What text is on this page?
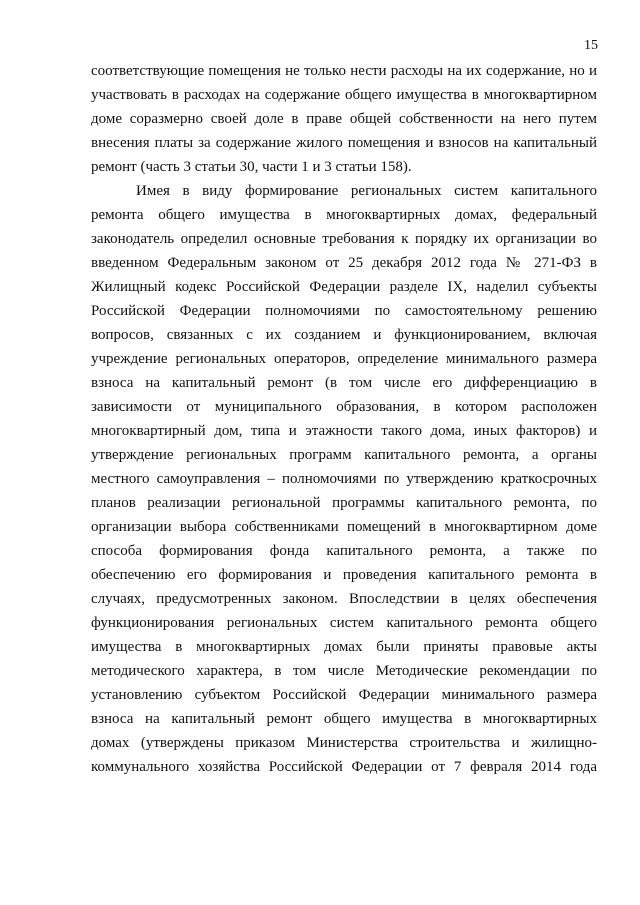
15
соответствующие помещения не только нести расходы на их содержание, но и
участвовать в расходах на содержание общего имущества в многоквартирном
доме соразмерно своей доле в праве общей собственности на него путем
внесения платы за содержание жилого помещения и взносов на капитальный
ремонт (часть 3 статьи 30, части 1 и 3 статьи 158).
Имея в виду формирование региональных систем капитального
ремонта общего имущества в многоквартирных домах, федеральный
законодатель определил основные требования к порядку их организации во
введенном Федеральным законом от 25 декабря 2012 года № 271-ФЗ в
Жилищный кодекс Российской Федерации разделе IX, наделил субъекты
Российской Федерации полномочиями по самостоятельному решению
вопросов, связанных с их созданием и функционированием, включая
учреждение региональных операторов, определение минимального размера
взноса на капитальный ремонт (в том числе его дифференциацию в
зависимости от муниципального образования, в котором расположен
многоквартирный дом, типа и этажности такого дома, иных факторов) и
утверждение региональных программ капитального ремонта, а органы
местного самоуправления – полномочиями по утверждению краткосрочных
планов реализации региональной программы капитального ремонта, по
организации выбора собственниками помещений в многоквартирном доме
способа формирования фонда капитального ремонта, а также по
обеспечению его формирования и проведения капитального ремонта в
случаях, предусмотренных законом. Впоследствии в целях обеспечения
функционирования региональных систем капитального ремонта общего
имущества в многоквартирных домах были приняты правовые акты
методического характера, в том числе Методические рекомендации по
установлению субъектом Российской Федерации минимального размера
взноса на капитальный ремонт общего имущества в многоквартирных
домах (утверждены приказом Министерства строительства и жилищно-
коммунального хозяйства Российской Федерации от 7 февраля 2014 года
